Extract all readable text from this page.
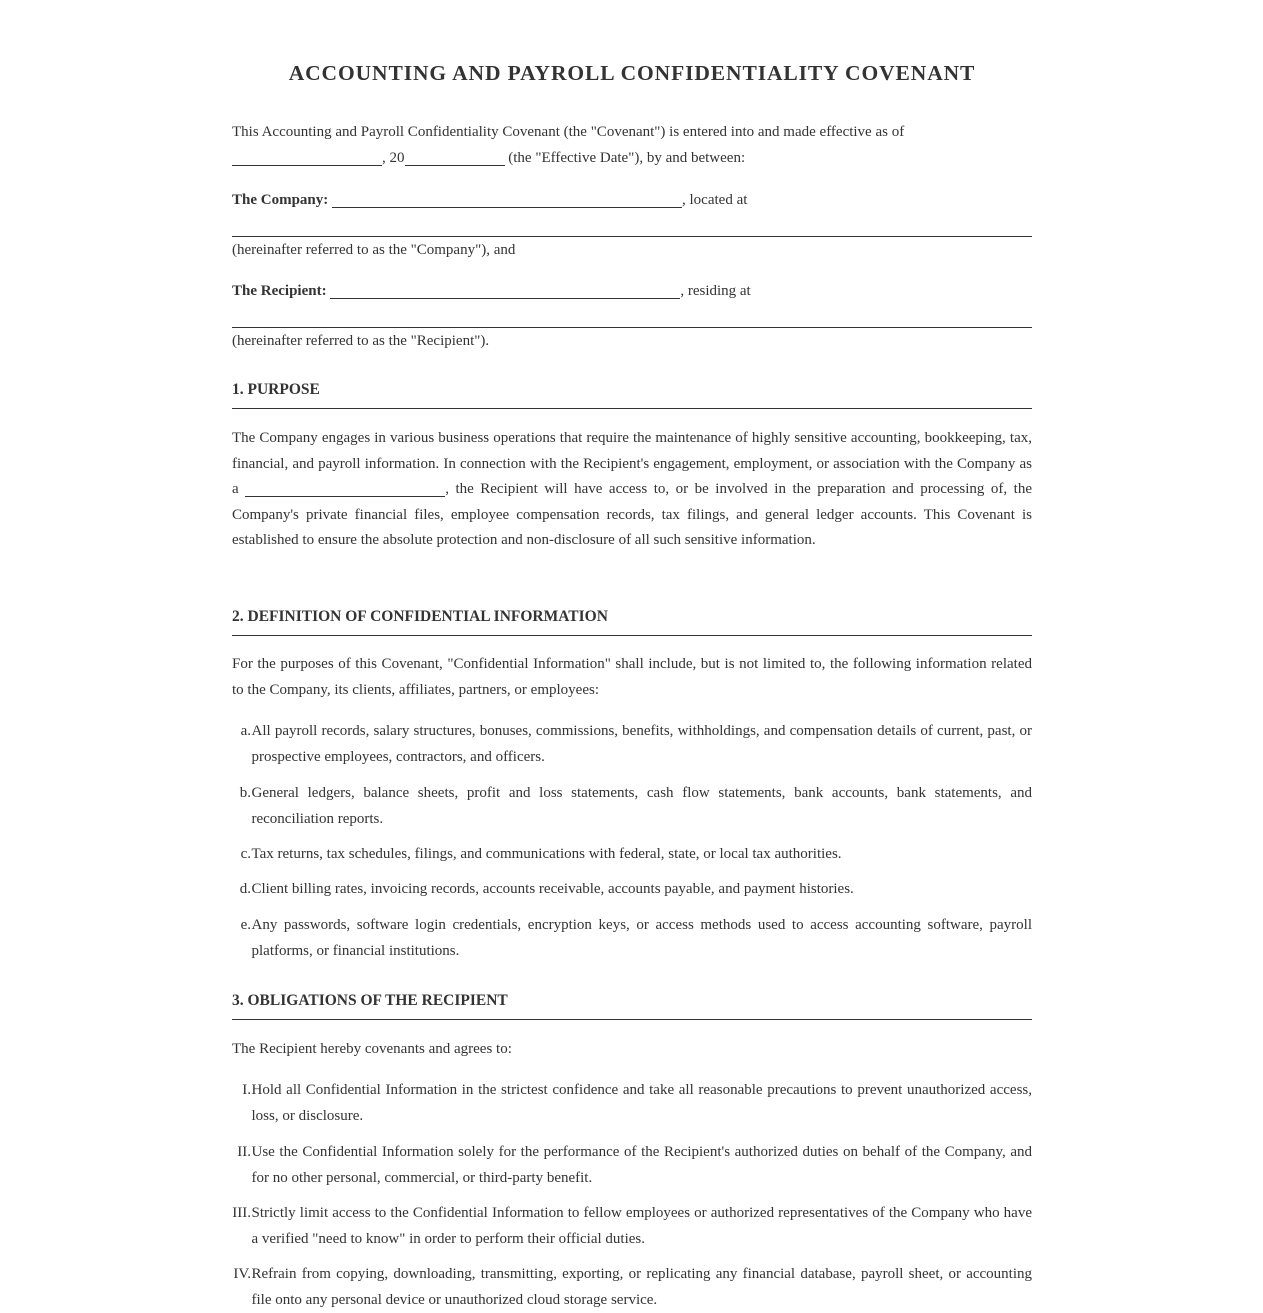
ACCOUNTING AND PAYROLL CONFIDENTIALITY COVENANT

This Accounting and Payroll Confidentiality Covenant (the "Covenant") is entered into and made effective as of
, 20	(the "Effective Date"), by and between:

The Company:	, located at
(hereinafter referred to as the "Company"), and
The Recipient:	, residing at
(hereinafter referred to as the "Recipient").
1. PURPOSE

The Company engages in various business operations that require the maintenance of highly sensitive accounting, bookkeeping, tax, financial, and payroll information. In connection with the Recipient's engagement, employment, or association with the Company as a	, the Recipient will have access to, or be involved in the preparation and processing of, the Company's private financial files, employee compensation records, tax filings, and general ledger accounts. This Covenant is established to ensure the absolute protection and non-disclosure of all such sensitive information.

2. DEFINITION OF CONFIDENTIAL INFORMATION

For the purposes of this Covenant, "Confidential Information" shall include, but is not limited to, the following information related to the Company, its clients, affiliates, partners, or employees:

a. All payroll records, salary structures, bonuses, commissions, benefits, withholdings, and compensation details of current, past, or prospective employees, contractors, and officers.
b. General ledgers, balance sheets, profit and loss statements, cash flow statements, bank accounts, bank statements, and reconciliation reports.
c. Tax returns, tax schedules, filings, and communications with federal, state, or local tax authorities.
d. Client billing rates, invoicing records, accounts receivable, accounts payable, and payment histories.
e. Any passwords, software login credentials, encryption keys, or access methods used to access accounting software, payroll platforms, or financial institutions.
3. OBLIGATIONS OF THE RECIPIENT

The Recipient hereby covenants and agrees to:

I. Hold all Confidential Information in the strictest confidence and take all reasonable precautions to prevent unauthorized access, loss, or disclosure.
II. Use the Confidential Information solely for the performance of the Recipient's authorized duties on behalf of the Company, and for no other personal, commercial, or third-party benefit.
III. Strictly limit access to the Confidential Information to fellow employees or authorized representatives of the Company who have a verified "need to know" in order to perform their official duties.
IV. Refrain from copying, downloading, transmitting, exporting, or replicating any financial database, payroll sheet, or accounting file onto any personal device or unauthorized cloud storage service.
